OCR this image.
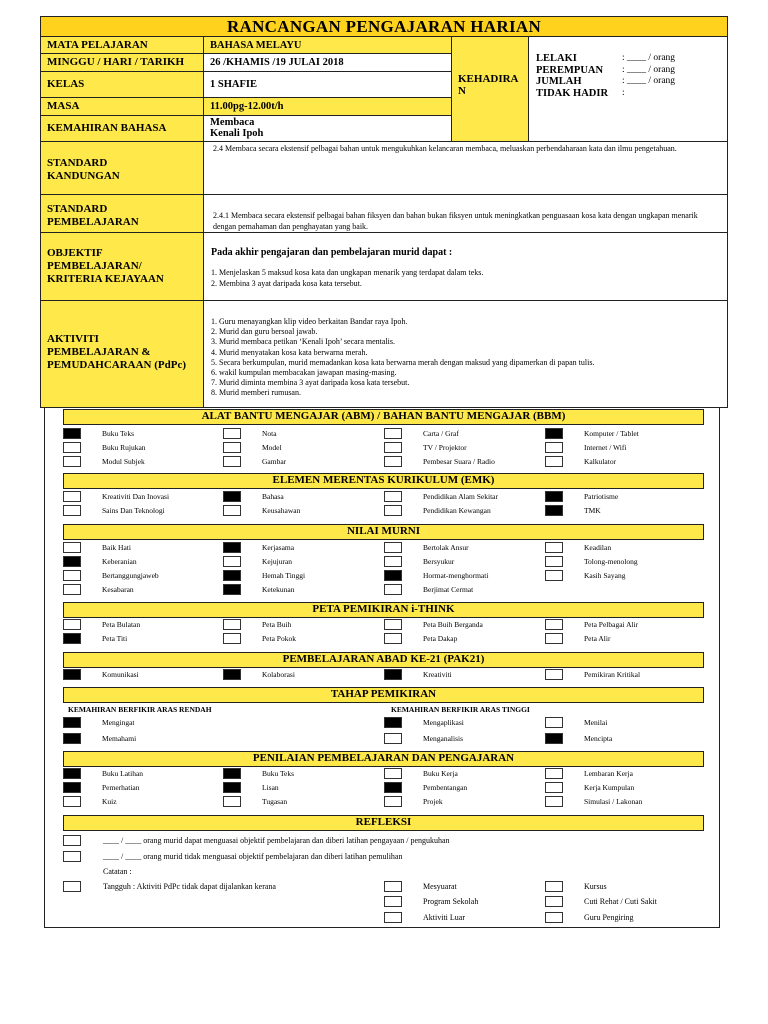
RANCANGAN PENGAJARAN HARIAN
MATA PELAJARAN	BAHASA MELAYU
MINGGU / HARI / TARIKH	26 /KHAMIS /19 JULAI 2018
KELAS	1 SHAFIE
MASA	11.00pg-12.00t/h
KEMAHIRAN BAHASA	Membaca
Kenali Ipoh
KEHADIRA
N
LELAKI	: ____ / orang
PEREMPUAN	: ____ / orang
JUMLAH	: ____ / orang
TIDAK HADIR	:
STANDARD
KANDUNGAN
2.4 Membaca secara ekstensif pelbagai bahan untuk mengukuhkan kelancaran membaca, meluaskan perbendaharaan kata dan ilmu pengetahuan.
STANDARD
PEMBELAJARAN
2.4.1 Membaca secara ekstensif pelbagai bahan fiksyen dan bahan bukan fiksyen untuk meningkatkan penguasaan kosa kata dengan ungkapan menarik dengan pemahaman dan penghayatan yang baik.
OBJEKTIF
PEMBELAJARAN/
KRITERIA KEJAYAAN
Pada akhir pengajaran dan pembelajaran murid dapat :
1. Menjelaskan 5 maksud kosa kata dan ungkapan menarik yang terdapat dalam teks.
2. Membina 3 ayat daripada kosa kata tersebut.
AKTIVITI
PEMBELAJARAN &
PEMUDAHCARAAN (PdPc)
1. Guru menayangkan klip video berkaitan Bandar raya Ipoh.
2. Murid dan guru bersoal jawab.
3. Murid membaca petikan ‘Kenali Ipoh’ secara mentalis.
4. Murid menyatakan kosa kata berwarna merah.
5. Secara berkumpulan, murid memadankan kosa kata berwarna merah dengan maksud yang dipamerkan di papan tulis.
6. wakil kumpulan membacakan jawapan masing-masing.
7. Murid diminta membina 3 ayat daripada kosa kata tersebut.
8. Murid memberi rumusan.
ALAT BANTU MENGAJAR (ABM) / BAHAN BANTU MENGAJAR (BBM)
Buku Teks	Nota	Carta / Graf	Komputer / Tablet
Buku Rujukan	Model	TV / Projektor	Internet / Wifi
Modul Subjek	Gambar	Pembesar Suara / Radio	Kalkulator
ELEMEN MERENTAS KURIKULUM (EMK)
Kreativiti Dan Inovasi	Bahasa	Pendidikan Alam Sekitar	Patriotisme
Sains Dan Teknologi	Keusahawan	Pendidikan Kewangan	TMK
NILAI MURNI
Baik Hati	Kerjasama	Bertolak Ansur	Keadilan
Keberanian	Kejujuran	Bersyukur	Tolong-menolong
Bertanggungjaweb	Hemah Tinggi	Hormat-menghormati	Kasih Sayang
Kesabaran	Ketekunan	Berjimat Cermat
PETA PEMIKIRAN i-THINK
Peta Bulatan	Peta Buih	Peta Buih Berganda	Peta Pelbagai Alir
Peta Titi	Peta Pokok	Peta Dakap	Peta Alir
PEMBELAJARAN ABAD KE-21 (PAK21)
Komunikasi	Kolaborasi	Kreativiti	Pemikiran Kritikal
TAHAP PEMIKIRAN
KEMAHIRAN BERFIKIR ARAS RENDAH	KEMAHIRAN BERFIKIR ARAS TINGGI
Mengingat	Mengaplikasi	Menilai
Memahami	Menganalisis	Mencipta
PENILAIAN PEMBELAJARAN DAN PENGAJARAN
Buku Latihan	Buku Teks	Buku Kerja	Lembaran Kerja
Pemerhatian	Lisan	Pembentangan	Kerja Kumpulan
Kuiz	Tugasan	Projek	Simulasi / Lakonan
REFLEKSI
____ / ____ orang murid dapat menguasai objektif pembelajaran dan diberi latihan pengayaan / pengukuhan
____ / ____ orang murid tidak menguasai objektif pembelajaran dan diberi latihan pemulihan
Catatan :
Tangguh : Aktiviti PdPc tidak dapat dijalankan kerana	Mesyuarat	Kursus
Program Sekolah	Cuti Rehat / Cuti Sakit
Aktiviti Luar	Guru Pengiring
